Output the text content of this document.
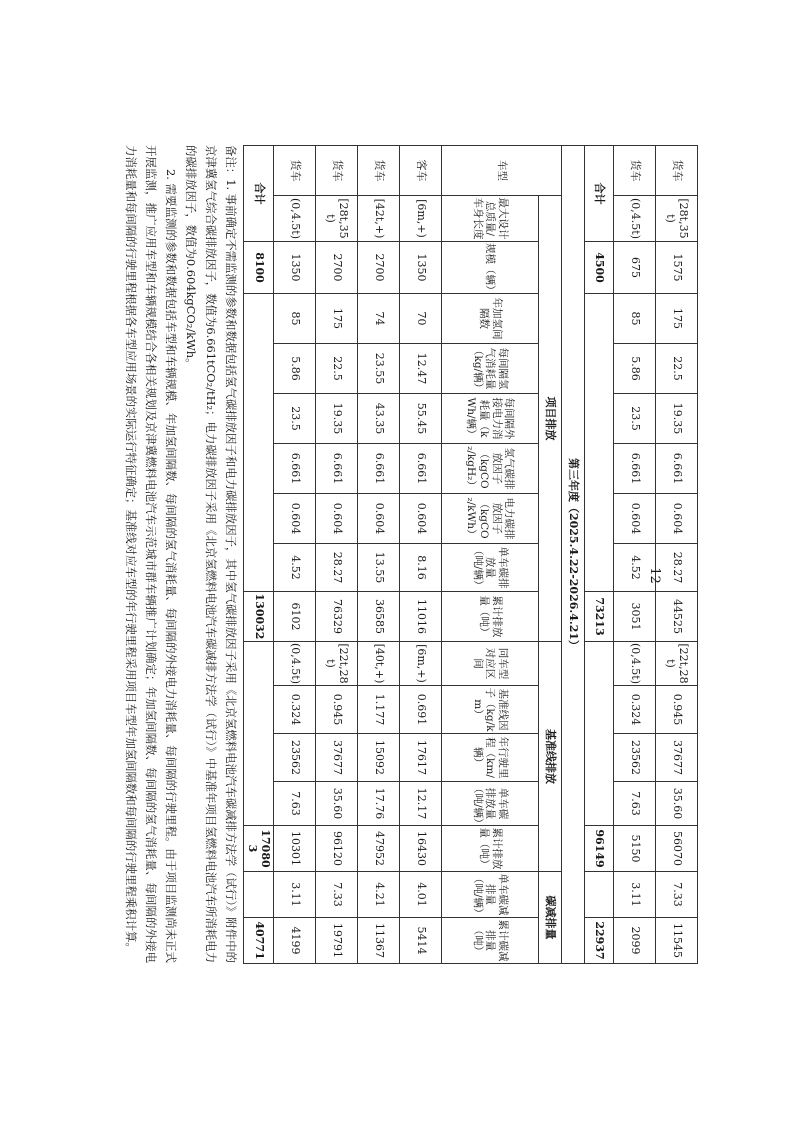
货车	[28t,35t)	1575	175	22.5	19.35	6.661	0.604	28.27	44525	[22t,28t)	0.945	37677	35.60	56070	7.33	11545
货车	(0,4.5t)	675	85	5.86	23.5	6.661	0.604	4.52	3051	(0,4.5t)	0.324	23562	7.63	5150	3.11	2099
合计		4500							73213					96149		22937
第三年度（2025.4.22-2026.4.21）																
车型	项目排放									基准线排放					碳减排量	
	最大设计总质量/车身长度	规模（辆）	年加氢间隔数	每间隔氢气消耗量（kg/辆）	每间隔外接电力消耗量（kWh/辆）	氢气碳排放因子（kgCO₂/kgH₂）	电力碳排放因子（kgCO₂/kWh）	单车碳排放量（吨/辆）	累计排放量（吨）	同车型对应区间	基准线因子（kg/km）	年行驶里程（km/辆）	单车碳排放量（吨/辆）	累计排放量（吨）	单车碳减排量（吨/辆）	累计碳减排量（吨）
客车	[6m,+)	1350	70	12.47	55.45	6.661	0.604	8.16	11016	[6m,+)	0.691	17617	12.17	16430	4.01	5414
货车	[42t,+)	2700	74	23.55	43.35	6.661	0.604	13.55	36585	[40t,+)	1.177	15092	17.76	47952	4.21	11367
货车	[28t,35t)	2700	175	22.5	19.35	6.661	0.604	28.27	76329	[22t,28t)	0.945	37677	35.60	96120	7.33	19791
货车	(0,4.5t)	1350	85	5.86	23.5	6.661	0.604	4.52	6102	(0,4.5t)	0.324	23562	7.63	10301	3.11	4199
合计		8100							130032					170803		40771

备注：1. 事前确定不需监测的参数和数据包括氢气碳排放因子和电力碳排放因子，其中氢气碳排放因子采用《北京氢燃料电池汽车碳减排方法学（试行）》附件中的京津冀氢气综合碳排放因子，数值为6.661tCO₂/tH₂；电力碳排放因子采用《北京氢燃料电池汽车碳减排方法学（试行）》中基准年项目氢燃料电池汽车所消耗电力的碳排放因子，数值为0.604kgCO₂/kWh。

2. 需要监测的参数和数据包括车型和车辆规模、年加氢间隔数、每间隔的氢气消耗量、每间隔的外接电力消耗量、每间隔的行驶里程。由于项目监测尚未正式开展监测，推广应用车型和车辆规模结合各相关规划及京津冀燃料电池汽车示范城市群车辆推广计划确定；年加氢间隔数、每间隔的氢气消耗量、每间隔的外接电力消耗量和每间隔的行驶里程根据各车型应用场景的实际运行特征确定；基准线对应车型的年行驶里程采用项目车型年加氢间隔数和每间隔的行驶里程乘积计算。	12
